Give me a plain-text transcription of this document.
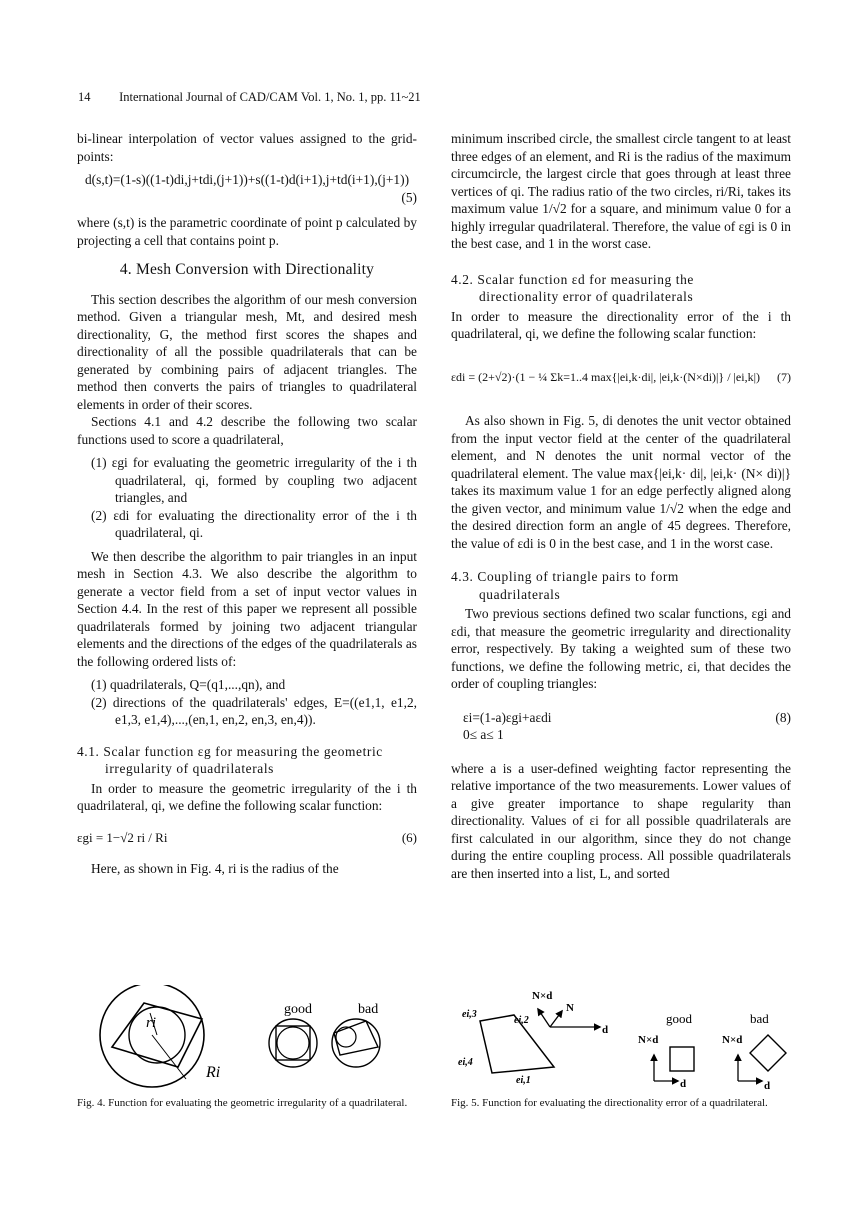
14 International Journal of CAD/CAM Vol. 1, No. 1, pp. 11~21

bi-linear interpolation of vector values assigned to the grid-points:

d(s,t)=(1-s)((1-t)di,j+tdi,(j+1))+s((1-t)d(i+1),j+td(i+1),(j+1))
(5)

where (s,t) is the parametric coordinate of point p calculated by projecting a cell that contains point p.

4. Mesh Conversion with Directionality

This section describes the algorithm of our mesh conversion method. Given a triangular mesh, Mt, and desired mesh directionality, G, the method first scores the shapes and directionality of all the possible quadrilaterals that can be generated by combining pairs of adjacent triangles. The method then converts the pairs of triangles to quadrilateral elements in order of their scores.

Sections 4.1 and 4.2 describe the following two scalar functions used to score a quadrilateral,

(1) εgi for evaluating the geometric irregularity of the i th quadrilateral, qi, formed by coupling two adjacent triangles, and

(2) εdi for evaluating the directionality error of the i th quadrilateral, qi.

We then describe the algorithm to pair triangles in an input mesh in Section 4.3. We also describe the algorithm to generate a vector field from a set of input vector values in Section 4.4. In the rest of this paper we represent all possible quadrilaterals formed by joining two adjacent triangular elements and the directions of the edges of the quadrilaterals as the following ordered lists of:

(1) quadrilaterals, Q=(q1,...,qn), and

(2) directions of the quadrilaterals' edges, E=((e1,1, e1,2, e1,3, e1,4),...,(en,1, en,2, en,3, en,4)).

4.1. Scalar function εg for measuring the geometric
irregularity of quadrilaterals

In order to measure the geometric irregularity of the i th quadrilateral, qi, we define the following scalar function:

εgi = 1−√2 ri / Ri	(6)

Here, as shown in Fig. 4, ri is the radius of the

minimum inscribed circle, the smallest circle tangent to at least three edges of an element, and Ri is the radius of the maximum circumcircle, the largest circle that goes through at least three vertices of qi. The radius ratio of the two circles, ri/Ri, takes its maximum value 1/√2 for a square, and minimum value 0 for a highly irregular quadrilateral. Therefore, the value of εgi is 0 in the best case, and 1 in the worst case.

4.2. Scalar function εd for measuring the
directionality error of quadrilaterals

In order to measure the directionality error of the i th quadrilateral, qi, we define the following scalar function:

εdi = (2+√2)·(1 − ¼ Σk=1..4 max{|ei,k·di|, |ei,k·(N×di)|} / |ei,k|)	(7)

As also shown in Fig. 5, di denotes the unit vector obtained from the input vector field at the center of the quadrilateral element, and N denotes the unit normal vector of the quadrilateral element. The value max{|ei,k· di|, |ei,k· (N× di)|} takes its maximum value 1 for an edge perfectly aligned along the given vector, and minimum value 1/√2 when the edge and the desired direction form an angle of 45 degrees. Therefore, the value of εdi is 0 in the best case, and 1 in the worst case.

4.3. Coupling of triangle pairs to form
quadrilaterals

Two previous sections defined two scalar functions, εgi and εdi, that measure the geometric irregularity and directionality error, respectively. By taking a weighted sum of these two functions, we define the following metric, εi, that decides the order of coupling triangles:

εi=(1-a)εgi+aεdi
0≤ a≤ 1
(8)

where a is a user-defined weighting factor representing the relative importance of the two measurements. Lower values of a give greater importance to shape regularity than directionality. Values of εi for all possible quadrilaterals are first calculated in our algorithm, since they do not change during the entire coupling process. All possible quadrilaterals are then inserted into a list, L, and sorted

ri
Ri
good	bad	ei,3
ei,2
ei,4
ei,1
N×d
N
d
good	bad
N×d
d
N×d
d
Fig. 4. Function for evaluating the geometric irregularity of a quadrilateral.	Fig. 5. Function for evaluating the directionality error of a quadrilateral.
